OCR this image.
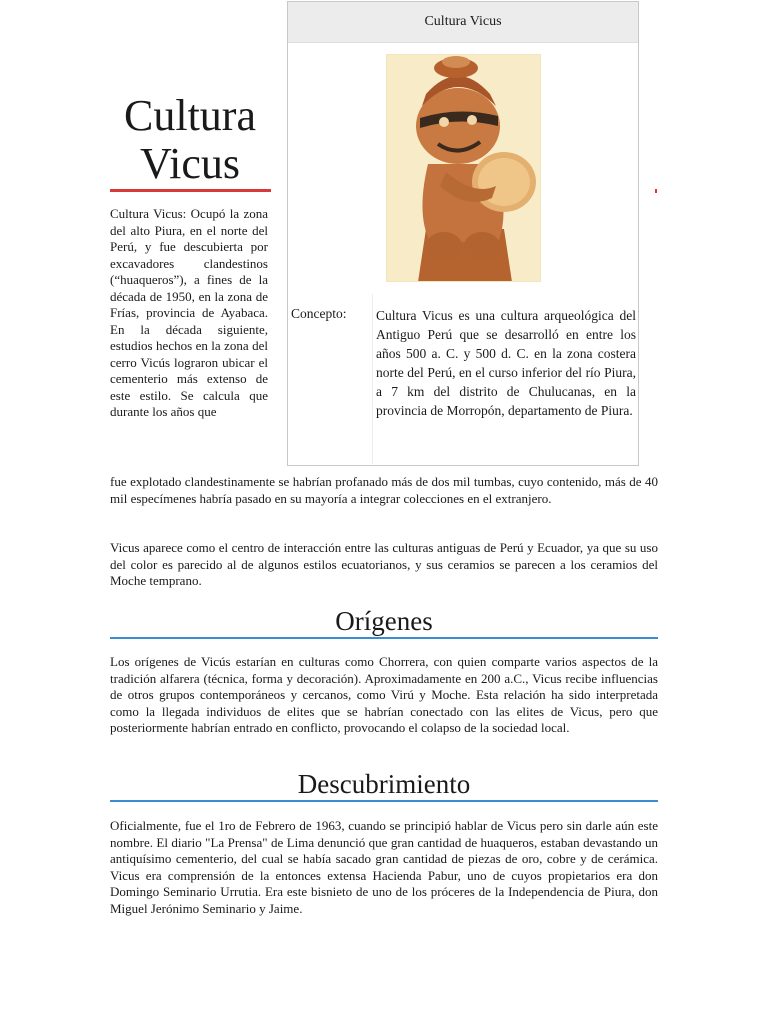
Cultura Vicus
Cultura Vicus
Concepto: Cultura Vicus es una cultura arqueológica del Antiguo Perú que se desarrolló en entre los años 500 a. C. y 500 d. C. en la zona costera norte del Perú, en el curso inferior del río Piura, a 7 km del distrito de Chulucanas, en la provincia de Morropón, departamento de Piura.

Cultura Vicus: Ocupó la zona del alto Piura, en el norte del Perú, y fue descubierta por excavadores clandestinos (“huaqueros”), a fines de la década de 1950, en la zona de Frías, provincia de Ayabaca. En la década siguiente, estudios hechos en la zona del cerro Vicús lograron ubicar el cementerio más extenso de este estilo. Se calcula que durante los años que

fue explotado clandestinamente se habrían profanado más de dos mil tumbas, cuyo contenido, más de 40 mil especímenes habría pasado en su mayoría a integrar colecciones en el extranjero.

Vicus aparece como el centro de interacción entre las culturas antiguas de Perú y Ecuador, ya que su uso del color es parecido al de algunos estilos ecuatorianos, y sus ceramios se parecen a los ceramios del Moche temprano.

Orígenes

Los orígenes de Vicús estarían en culturas como Chorrera, con quien comparte varios aspectos de la tradición alfarera (técnica, forma y decoración). Aproximadamente en 200 a.C., Vicus recibe influencias de otros grupos contemporáneos y cercanos, como Virú y Moche. Esta relación ha sido interpretada como la llegada individuos de elites que se habrían conectado con las elites de Vicus, pero que posteriormente habrían entrado en conflicto, provocando el colapso de la sociedad local.

Descubrimiento

Oficialmente, fue el 1ro de Febrero de 1963, cuando se principió hablar de Vicus pero sin darle aún este nombre. El diario "La Prensa" de Lima denunció que gran cantidad de huaqueros, estaban devastando un antiquísimo cementerio, del cual se había sacado gran cantidad de piezas de oro, cobre y de cerámica. Vicus era comprensión de la entonces extensa Hacienda Pabur, uno de cuyos propietarios era don Domingo Seminario Urrutia. Era este bisnieto de uno de los próceres de la Independencia de Piura, don Miguel Jerónimo Seminario y Jaime.
